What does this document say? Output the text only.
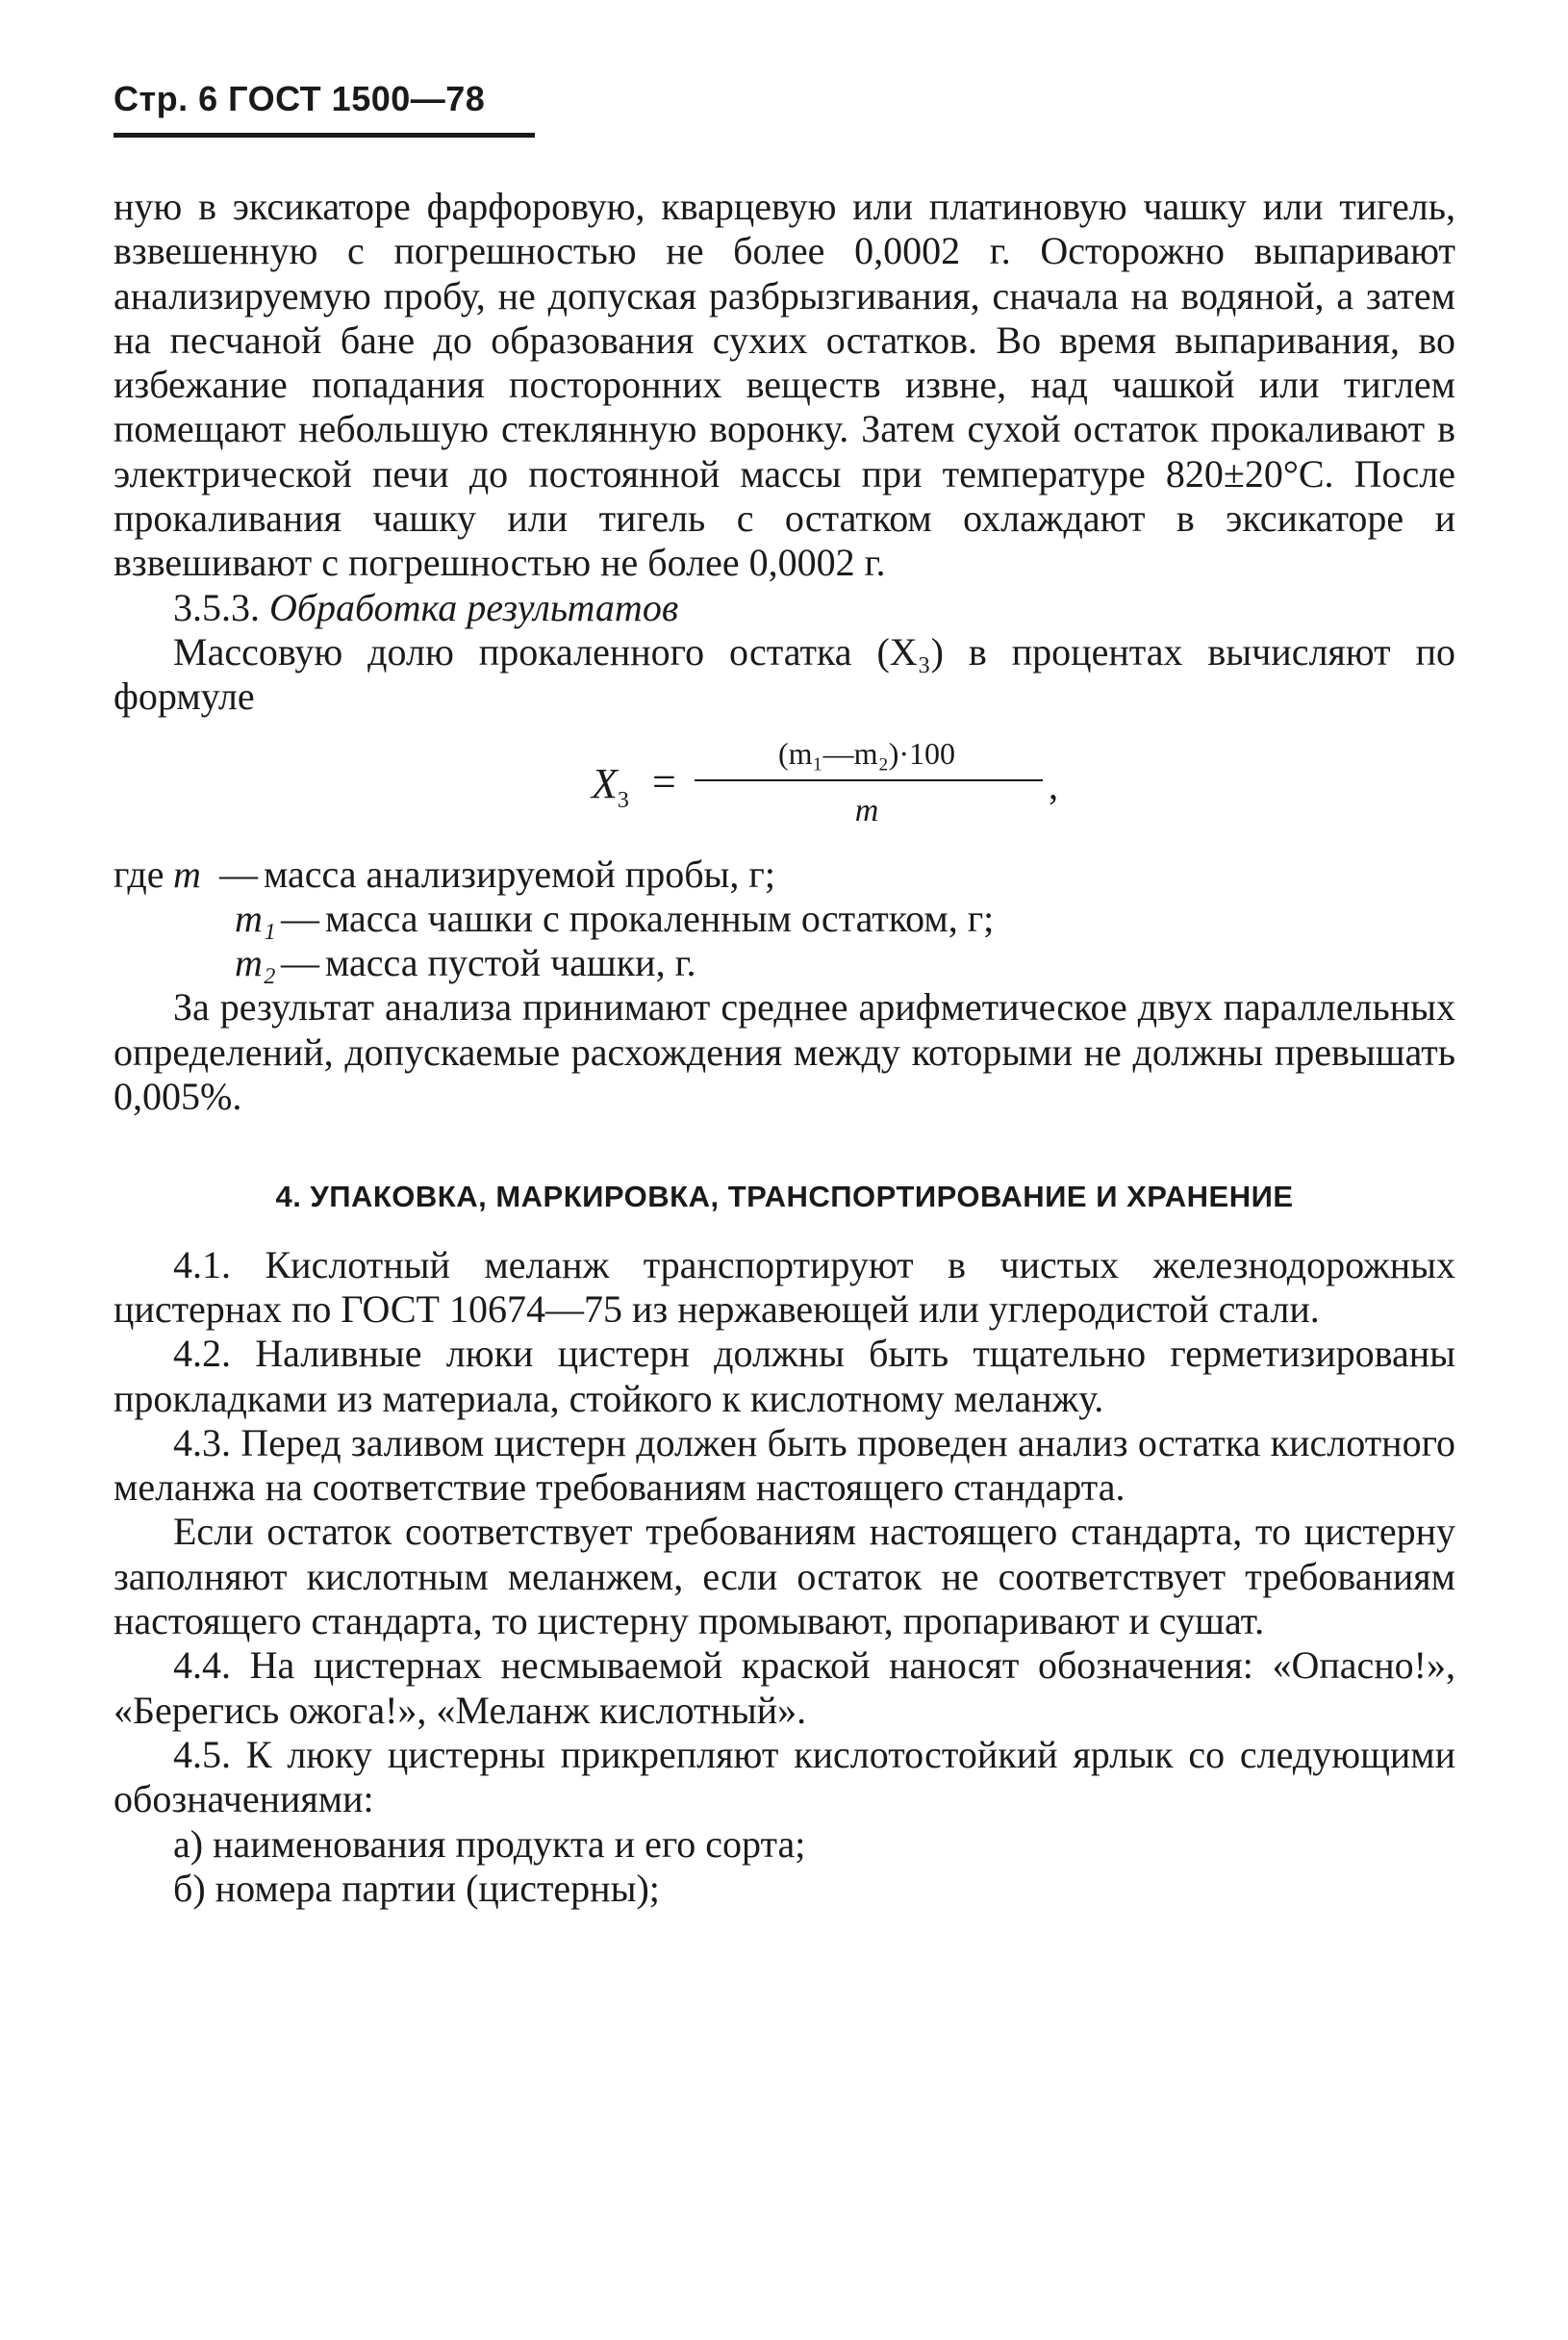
Стр. 6 ГОСТ 1500—78

ную в эксикаторе фарфоровую, кварцевую или платиновую чашку или тигель, взвешенную с погрешностью не более 0,0002 г. Осторожно выпаривают анализируемую пробу, не допуская разбрызгивания, сначала на водяной, а затем на песчаной бане до образования сухих остатков. Во время выпаривания, во избежание попадания посторонних веществ извне, над чашкой или тиглем помещают небольшую стеклянную воронку. Затем сухой остаток прокаливают в электрической печи до постоянной массы при температуре 820±20°С. После прокаливания чашку или тигель с остатком охлаждают в эксикаторе и взвешивают с погрешностью не более 0,0002 г.

3.5.3. Обработка результатов

Массовую долю прокаленного остатка (X₃) в процентах вычисляют по формуле

$X_3$ =
(m₁—m₂)·100
m
,
где m — масса анализируемой пробы, г;
m₁ — масса чашки с прокаленным остатком, г;
m₂ — масса пустой чашки, г.

За результат анализа принимают среднее арифметическое двух параллельных определений, допускаемые расхождения между которыми не должны превышать 0,005%.

4. УПАКОВКА, МАРКИРОВКА, ТРАНСПОРТИРОВАНИЕ И ХРАНЕНИЕ

4.1. Кислотный меланж транспортируют в чистых железнодорожных цистернах по ГОСТ 10674—75 из нержавеющей или углеродистой стали.

4.2. Наливные люки цистерн должны быть тщательно герметизированы прокладками из материала, стойкого к кислотному меланжу.

4.3. Перед заливом цистерн должен быть проведен анализ остатка кислотного меланжа на соответствие требованиям настоящего стандарта.

Если остаток соответствует требованиям настоящего стандарта, то цистерну заполняют кислотным меланжем, если остаток не соответствует требованиям настоящего стандарта, то цистерну промывают, пропаривают и сушат.

4.4. На цистернах несмываемой краской наносят обозначения: «Опасно!», «Берегись ожога!», «Меланж кислотный».

4.5. К люку цистерны прикрепляют кислотостойкий ярлык со следующими обозначениями:

а) наименования продукта и его сорта;

б) номера партии (цистерны);
